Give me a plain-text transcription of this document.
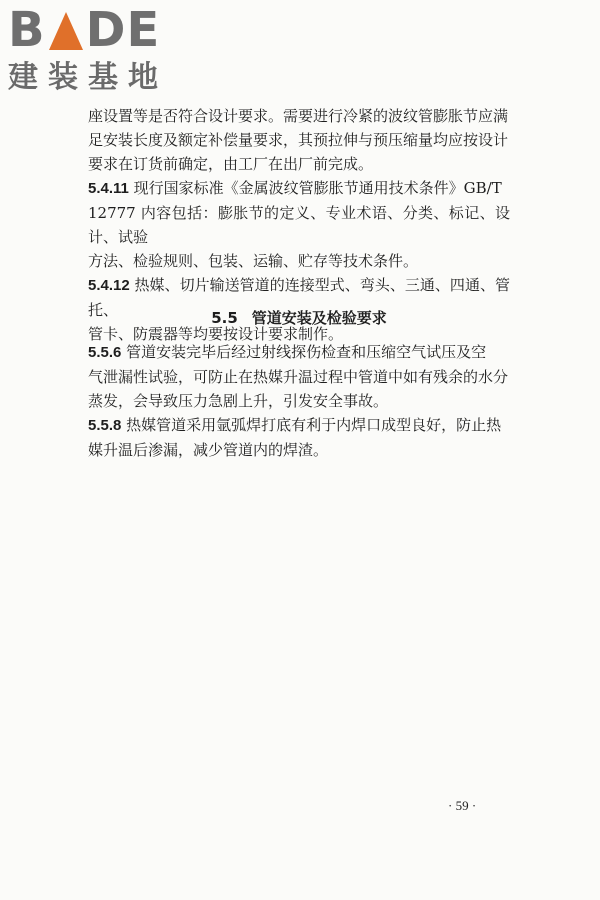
B DE
建装基地

座设置等是否符合设计要求。需要进行冷紧的波纹管膨胀节应满
足安装长度及额定补偿量要求，其预拉伸与预压缩量均应按设计
要求在订货前确定，由工厂在出厂前完成。

5.4.11 现行国家标准《金属波纹管膨胀节通用技术条件》GB/T
12777 内容包括：膨胀节的定义、专业术语、分类、标记、设计、试验
方法、检验规则、包装、运输、贮存等技术条件。

5.4.12 热媒、切片输送管道的连接型式、弯头、三通、四通、管托、
管卡、防震器等均要按设计要求制作。

5.5 管道安装及检验要求

5.5.6 管道安装完毕后经过射线探伤检查和压缩空气试压及空
气泄漏性试验，可防止在热媒升温过程中管道中如有残余的水分
蒸发，会导致压力急剧上升，引发安全事故。

5.5.8 热媒管道采用氩弧焊打底有利于内焊口成型良好，防止热
媒升温后渗漏，减少管道内的焊渣。

· 59 ·
